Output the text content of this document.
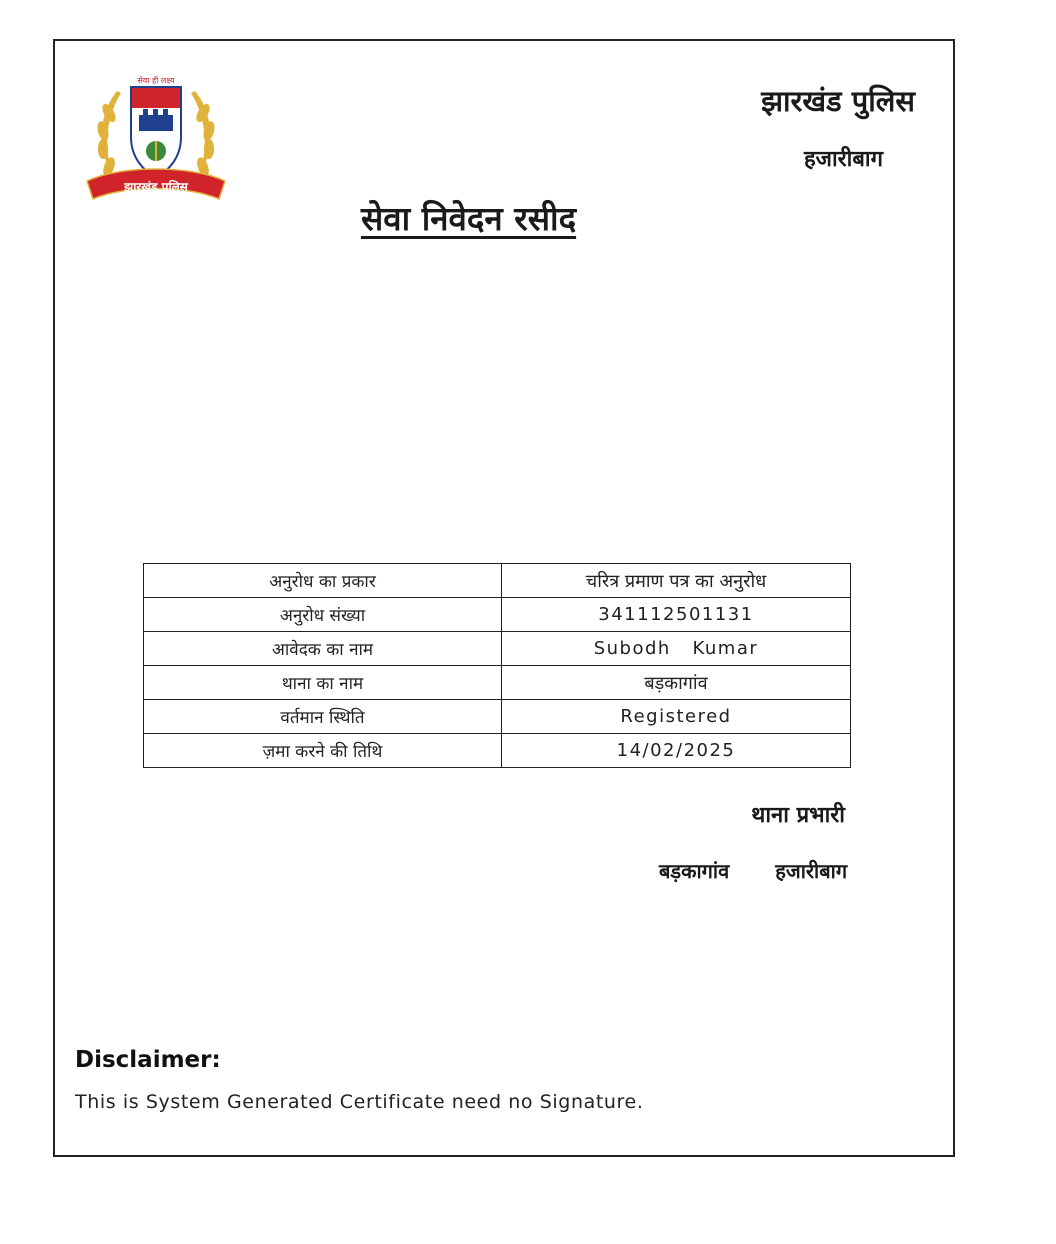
सेवा ही लक्ष्य
झारखंड पुलिस
झारखंड पुलिस
हजारीबाग
सेवा निवेदन रसीद
अनुरोध का प्रकार	चरित्र प्रमाण पत्र का अनुरोध
अनुरोध संख्या	341112501131
आवेदक का नाम	Subodh   Kumar
थाना का नाम	बड़कागांव
वर्तमान स्थिति	Registered
ज़मा करने की तिथि	14/02/2025
थाना प्रभारी
बड़कागांव हजारीबाग
Disclaimer:
This is System Generated Certificate need no Signature.
